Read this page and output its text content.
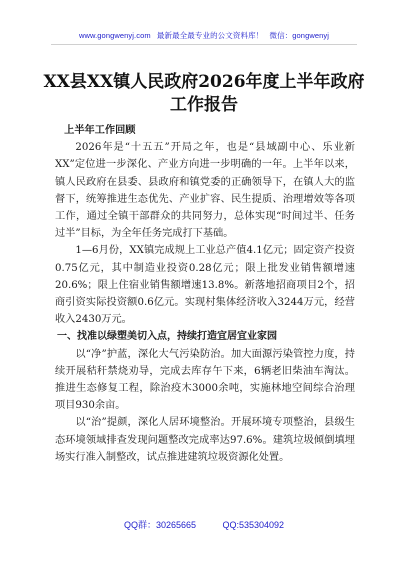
www.gongwenyj.com 最新最全最专业的公文资料库！ 微信：gongwenyj
XX县XX镇人民政府2026年度上半年政府工作报告

上半年工作回顾

2026年是“十五五”开局之年，也是“县域副中心、乐业新XX”定位进一步深化、产业方向进一步明确的一年。上半年以来，镇人民政府在县委、县政府和镇党委的正确领导下，在镇人大的监督下，统筹推进生态优先、产业扩容、民生提质、治理增效等各项工作，通过全镇干部群众的共同努力，总体实现“时间过半、任务过半”目标，为全年任务完成打下基础。

1—6月份，XX镇完成规上工业总产值4.1亿元；固定资产投资0.75亿元，其中制造业投资0.28亿元；限上批发业销售额增速20.6%；限上住宿业销售额增速13.8%。新落地招商项目2个，招商引资实际投资额0.6亿元。实现村集体经济收入3244万元，经营收入2430万元。

一、找准以绿塑美切入点，持续打造宜居宜业家园

以“净”护蓝，深化大气污染防治。加大面源污染管控力度，持续开展秸秆禁烧劝导，完成去库存午下来，6辆老旧柴油车淘汰。推进生态修复工程，除治疫木3000余吨，实施林地空间综合治理项目930余亩。

以“治”提颜，深化人居环境整治。开展环境专项整治，县级生态环境领域排查发现问题整改完成率达97.6%。建筑垃圾倾倒填埋场实行准入制整改，试点推进建筑垃圾资源化处置。

QQ群：30265665	QQ:535304092
